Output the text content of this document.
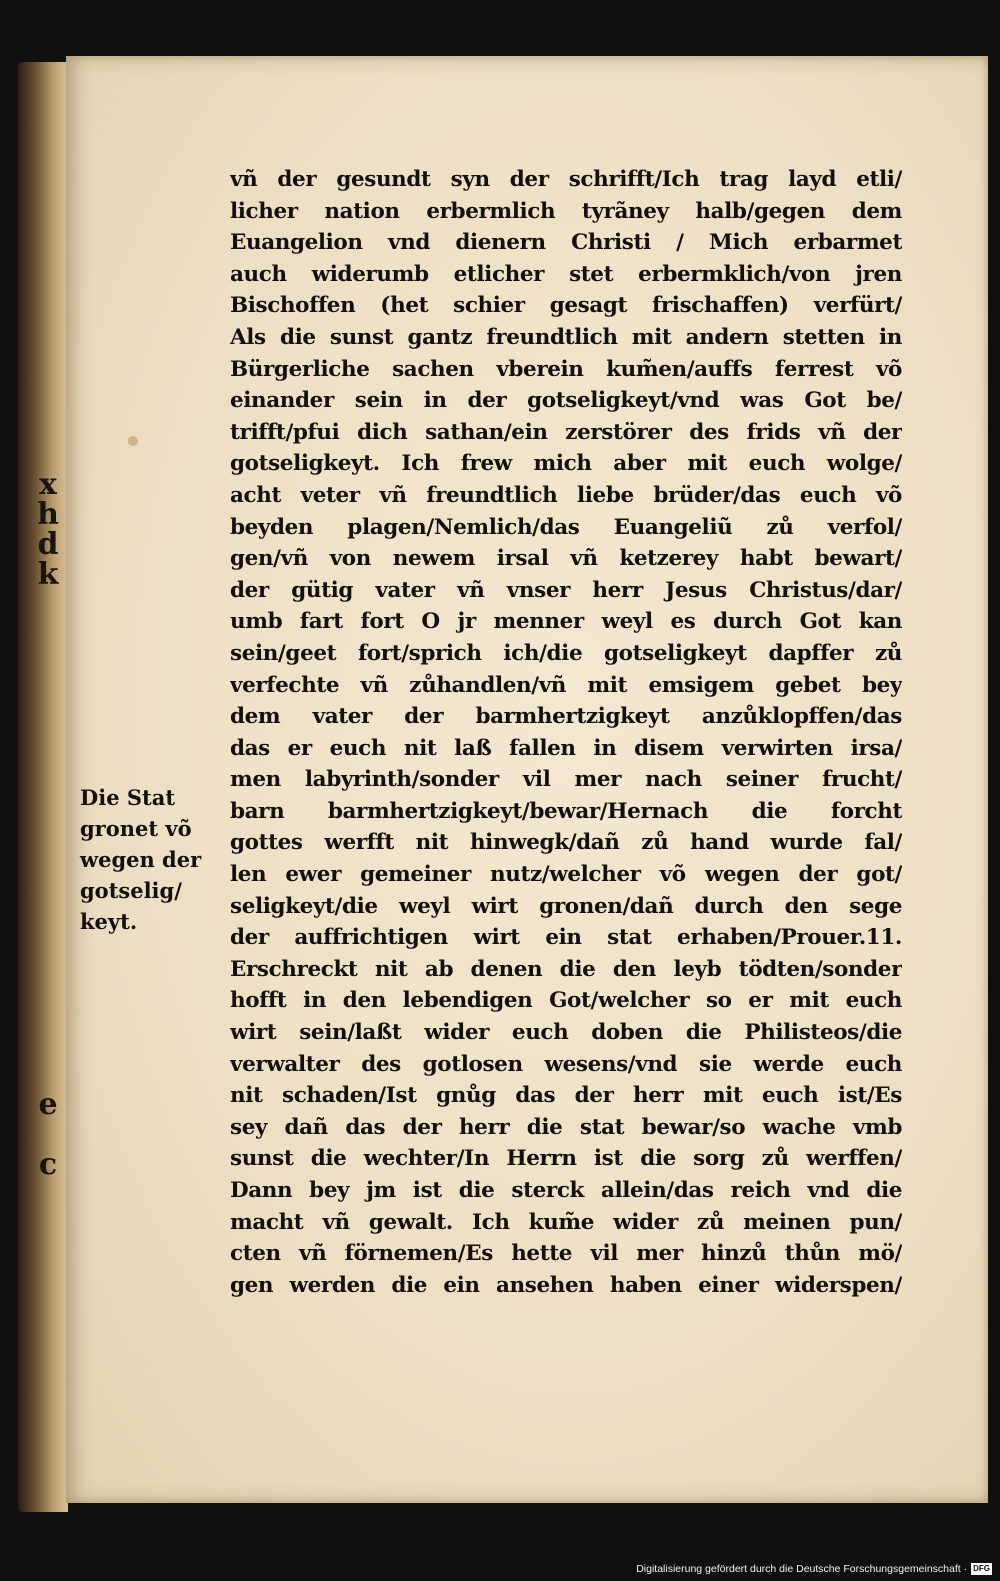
x
h
d
k
e
c
vñ der gesundt syn der schrifft/Ich trag layd etli/
licher nation erbermlich tyrãney halb/gegen dem
Euangelion vnd dienern Christi / Mich erbarmet
auch widerumb etlicher stet erbermklich/von jren
Bischoffen (het schier gesagt frischaffen) verfürt/
Als die sunst gantz freundtlich mit andern stetten in
Bürgerliche sachen vberein kum̃en/auffs ferrest võ
einander sein in der gotseligkeyt/vnd was Got be/
trifft/pfui dich sathan/ein zerstörer des frids vñ der
gotseligkeyt. Ich frew mich aber mit euch wolge/
acht veter vñ freundtlich liebe brüder/das euch võ
beyden plagen/Nemlich/das Euangeliũ zů verfol/
gen/vñ von newem irsal vñ ketzerey habt bewart/
der gütig vater vñ vnser herr Jesus Christus/dar/
umb fart fort O jr menner weyl es durch Got kan
sein/geet fort/sprich ich/die gotseligkeyt dapffer zů
verfechte vñ zůhandlen/vñ mit emsigem gebet bey
dem vater der barmhertzigkeyt anzůklopffen/das
das er euch nit laß fallen in disem verwirten irsa/
men labyrinth/sonder vil mer nach seiner frucht/
barn barmhertzigkeyt/bewar/Hernach die forcht
gottes werfft nit hinwegk/dañ zů hand wurde fal/
len ewer gemeiner nutz/welcher võ wegen der got/
seligkeyt/die weyl wirt gronen/dañ durch den sege
der auffrichtigen wirt ein stat erhaben/Prouer.11.
Erschreckt nit ab denen die den leyb tödten/sonder
hofft in den lebendigen Got/welcher so er mit euch
wirt sein/laßt wider euch doben die Philisteos/die
verwalter des gotlosen wesens/vnd sie werde euch
nit schaden/Ist gnůg das der herr mit euch ist/Es
sey dañ das der herr die stat bewar/so wache vmb
sunst die wechter/In Herrn ist die sorg zů werffen/
Dann bey jm ist die sterck allein/das reich vnd die
macht vñ gewalt. Ich kum̃e wider zů meinen pun/
cten vñ förnemen/Es hette vil mer hinzů thůn mö/
gen werden die ein ansehen haben einer widerspen/
Die Stat
gronet võ
wegen der
gotselig/
keyt.
Digitalisierung gefördert durch die Deutsche Forschungsgemeinschaft · DFG
